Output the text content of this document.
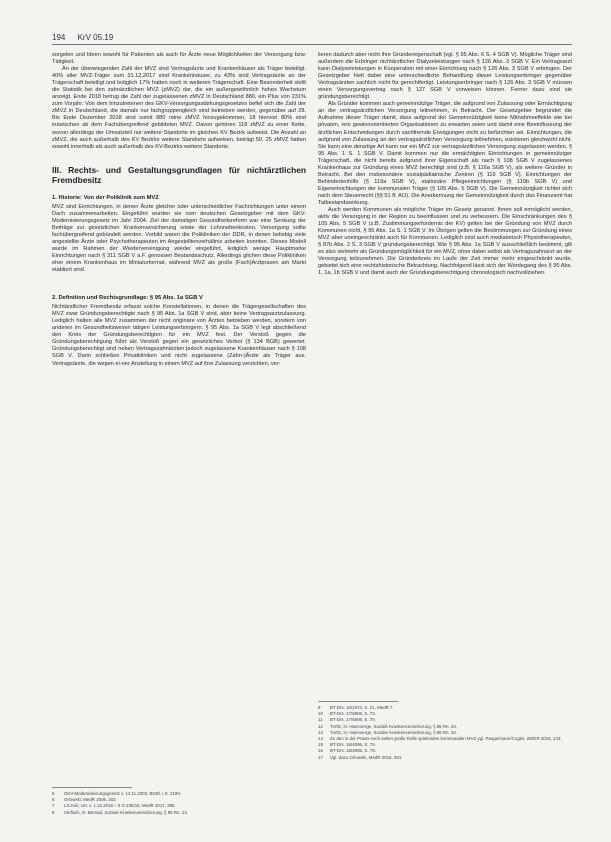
194 KrV 05.19

sorgelen und Ideen sowohl für Patienten als auch für Ärzte neue Möglichkeiten der Versorgung bzw. Tätigkeit.

An der überwiegenden Zahl der MVZ sind Vertragsärzte und Krankenhäuser als Träger beteiligt. 40% aller MVZ-Träger zum 31.12.2017 sind Krankenhäuser, zu 43% sind Vertragsärzte an der Trägerschaft beteiligt und lediglich 17% hatten noch in weiteren Trägerschaft. Eine Besonderheit stellt die Statistik bei den zahnärztlichen MVZ (zMVZ) dar, die ein außergewöhnlich hohes Wachstum anzeigt. Ende 2018 betrug die Zahl der zugelassenen zMVZ in Deutschland 880, ein Plus von 231% zum Vorjahr. Von dem hinzutretenen des GKV-Versorgungsstärkungsgesetzes befiel sich die Zahl der zMVZ in Deutschland, die damals nur fachgruppengleich sind betrieben werden, gegenüber auf 28. Bis Ende Dezember 2018 sind somit 880 reine zMVZ hinzugekommen, 18 hiervon 80% sind inzwischen ab dem Fachübergreifend gebildeten MVZ. Davon gehören 118 zMVZ zu einer Kette, wovon allerdings der Umsatzteil nur weitere Standorte im gleichen KV Bezirk aufweist. Die Anzahl an zMVZ, die auch außerhalb des KV Bezirks weitere Standorte aufweisen, beträgt 50. 25 zMVZ hatten sowohl innerhalb als auch außerhalb des KV-Bezirks weitere Standorte.

III. Rechts- und Gestaltungsgrundlagen für nichtärztlichen Fremdbesitz
1. Historie: Von der Poliklinik zum MVZ

MVZ sind Einrichtungen, in denen Ärzte gleicher oder unterschiedlicher Fachrichtungen unter einem Dach zusammenarbeiten. Eingeführt wurden sie vom deutschen Gesetzgeber mit dem GKV-Modernisierungsgesetz im Jahr 2004. Ziel der damaligen Gesundheitsreform war eine Senkung der Beiträge zur gesetzlichen Krankenversicherung sowie der Lohnnebenkosten. Versorgung sollte fachübergreifend gebündelt werden. Vorbild waren die Polikliniken der DDR, in denen beliebig viele angestellte Ärzte oder Psychotherapeuten im Angestelltenverhältnis arbeiten konnten. Dieses Modell wurde im Rahmen der Wiedervereinigung wieder eingeführt, lediglich wenige Hauptmarke Einrichtungen nach § 311 SGB V a.F. genossen Bestandsschutz. Allerdings glichen diese Polikliniken eher einem Krankenhaus im Miniaturformat, während MVZ als große (Fach)Arztpraxen am Markt etabliert sind.

2. Definition und Rechtsgrundlage: § 95 Abs. 1a SGB V

Nichtärztlicher Fremdbesitz erfasst solche Konstellationen, in denen die Trägergesellschaften des MVZ zwar Gründungsberechtigte nach § 95 Abs. 1a SGB V sind, aber keine Vertragsarztzulassung. Lediglich halten alle MVZ zusammen der nicht originäre von Ärzten betrieben werden, sondern von anderen im Gesundheitswesen tätigen Leistungserbringern. § 95 Abs. 1a SGB V legt abschließend den Kreis der Gründungsberechtigten für ein MVZ fest. Der Verstoß gegen die Gründungsberechtigung führt als Verstoß gegen ein gesetzliches Verbot (§ 134 BGB) gewertet. Gründungsberechtigt sind neben Vertragszahnärzten jedoch zugelassene Krankenhäuser nach § 108 SGB V. Darin schließen Privatkliniken und nicht zugelassene (Zahn-)Ärzte als Träger aus. Vertragsärzte, die wegen ei-ner Anstellung in einem MVZ auf ihre Zulassung verzichten, ver-

5	GKV-Modernisierungsgesetz v. 14.11.2003, BGBl. I S. 2190.
6	Orlowski, MedR 2006, 202.
7	LG Kiel, Urt. v. 1.12.2016 – 5 O 236/15, MedR 2017, 388.
8	Clefisch, in: Bernad, Soziale Krankenversicherung, § 95 Rn. 24.

lieren dadurch aber nicht ihre Gründereigenschaft (vgl. § 95 Abs. 6 S. 4 SGB V). Mögliche Träger sind außerdem die Erbringer nichtärztlicher Dialyseleistungen nach § 126 Abs. 3 SGB V. Ein Vertragsarzt kann Dialyseleistungen in Kooperation mit einer Einrichtung nach § 126 Abs. 3 SGB V erbringen. Der Gesetzgeber hielt dabei eine unterschiedliche Behandlung dieser Leistungserbringer gegenüber Vertragsärzten sachlich nicht für gerechtfertigt. Leistungserbringer nach § 126 Abs. 3 SGB V müssen einen Versorgungsvertrag nach § 127 SGB V vorweisen können. Ferner dazu sind sie gründungsberechtigt.

Als Gründer kommen auch gemeinnützige Träger, die aufgrund von Zulassung oder Ermächtigung an der vertragsärztlichen Versorgung teilnehmen, in Betracht. Der Gesetzgeber begründet die Aufnahme dieser Träger damit, dass aufgrund der Gemeinnützigkeit keine Mitnahmeeffekte wie bei privaten, rein gewinnorientierten Organisationen zu erwarten seien und damit eine Beeinflussung der ärztlichen Entscheidungen durch sachfremde Erwägungen nicht zu befürchten sei. Einrichtungen, die aufgrund von Zulassung an der vertragsärztlichen Versorgung teilnehmen, existieren gleichwohl nicht. Sie kann eine derartige Art kann nur ein MVZ zur vertragsärztlichen Versorgung zugelassen werden, § 95 Abs. 1 S. 1 SGB V. Damit kommen nur die ermächtigten Einrichtungen in gemeinnütziger Trägerschaft, die nicht bereits aufgrund ihrer Eigenschaft als nach § 108 SGB V zugelassenes Krankenhaus zur Gründung eines MVZ berechtigt sind (z.B. § 116a SGB V), als weitere Gründer in Betracht. Bei den insbesondere sozialpädiatrische Zentren (§ 119 SGB V), Einrichtungen der Behindertenhilfe (§ 119a SGB V), stationäre Pflegeeinrichtungen (§ 119b SGB V) und Eigeneinrichtungen der kommunalen Träger (§ 105 Abs. 5 SGB V). Die Gemeinnützigkeit richtet sich nach dem Steuerrecht (§§ 51 ff. AO). Die Anerkennung der Gemeinnützigkeit durch das Finanzamt hat Tatbestandswirkung.

Auch werden Kommunen als mögliche Träger im Gesetz genannt. Ihnen soll ermöglicht werden, aktiv die Versorgung in der Region zu beeinflussen und zu verbessern. Die Einschränkungen des § 105 Abs. 5 SGB V (z.B. Zustimmungserfordernis der KV) gelten bei der Gründung von MVZ durch Kommunen nicht, § 95 Abs. 1a S. 1 SGB V. Im Übrigen gelten die Bestimmungen zur Gründung eines MVZ aber uneingeschränkt auch für Kommunen. Lediglich sind auch mediatorisch Physiotherapeuten, § 87b Abs. 2 S. 3 SGB V gründungsberechtigt. Wie § 95 Abs. 1a SGB V ausschließlich bestimmt, gilt es also vielmehr als Gründungsmöglichkeit für ein MVZ, ohne dabei selbst als Vertragszahnarzt an der Versorgung teilzunehmen. Die Gründerkreis im Laufe der Zeit immer mehr eingeschränkt wurde, gebietet sich eine rechtshistorische Betrachtung. Nachfolgend lässt sich der Werdegang des § 95 Abs. 1, 1a, 1b SGB V und damit auch der Gründungsberechtigung chronologisch nachvollziehen.

9	BT-Drs. 16/2474, S. 21, MedR 7.
10	BT-Drs. 17/6906, S. 73.
11	BT-Drs. 17/6906, S. 70.
12	Treftz, in: Hannoerge, Soziale Krankenversicherung, § 95 Rn. 34.
13	Treftz, in: Hannoerge, Soziale Krankenversicherung, § 95 Rn. 34.
14	Zu den in der Praxis noch selten große Rolle spielenden kommunalen MVZ vgl. Pauge/mann/Cogler, ZMGR 2016, 143.
15	BT-Drs. 16/4095, S. 76.
16	BT-Drs. 18/4095, S. 79.
17	Vgl. dazu Orlowski, MedR 2015, 381.
